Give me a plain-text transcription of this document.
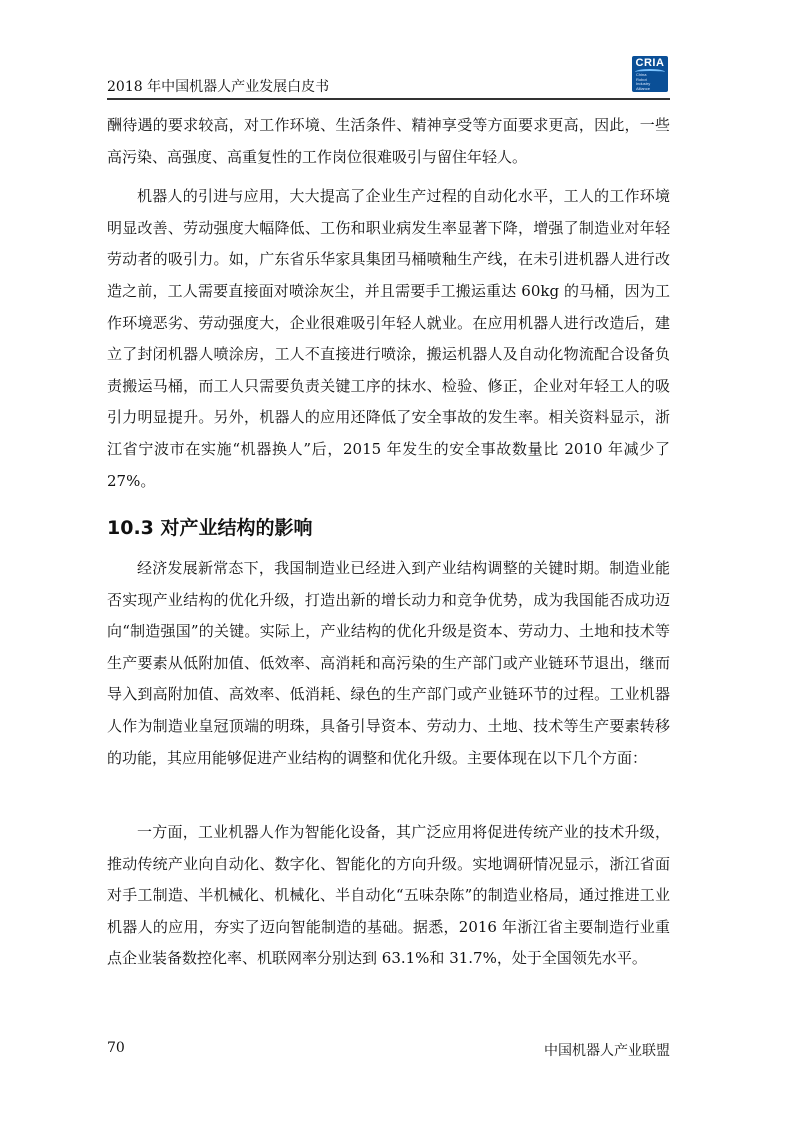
2018 年中国机器人产业发展白皮书
CRIA
China
Robot
Industry
Alliance

酬待遇的要求较高，对工作环境、生活条件、精神享受等方面要求更高，因此，一些高污染、高强度、高重复性的工作岗位很难吸引与留住年轻人。

机器人的引进与应用，大大提高了企业生产过程的自动化水平，工人的工作环境明显改善、劳动强度大幅降低、工伤和职业病发生率显著下降，增强了制造业对年轻劳动者的吸引力。如，广东省乐华家具集团马桶喷釉生产线，在未引进机器人进行改造之前，工人需要直接面对喷涂灰尘，并且需要手工搬运重达 60kg 的马桶，因为工作环境恶劣、劳动强度大，企业很难吸引年轻人就业。在应用机器人进行改造后，建立了封闭机器人喷涂房，工人不直接进行喷涂，搬运机器人及自动化物流配合设备负责搬运马桶，而工人只需要负责关键工序的抹水、检验、修正，企业对年轻工人的吸引力明显提升。另外，机器人的应用还降低了安全事故的发生率。相关资料显示，浙江省宁波市在实施“机器换人”后，2015 年发生的安全事故数量比 2010 年减少了 27%。

10.3 对产业结构的影响

经济发展新常态下，我国制造业已经进入到产业结构调整的关键时期。制造业能否实现产业结构的优化升级，打造出新的增长动力和竞争优势，成为我国能否成功迈向“制造强国”的关键。实际上，产业结构的优化升级是资本、劳动力、土地和技术等生产要素从低附加值、低效率、高消耗和高污染的生产部门或产业链环节退出，继而导入到高附加值、高效率、低消耗、绿色的生产部门或产业链环节的过程。工业机器人作为制造业皇冠顶端的明珠，具备引导资本、劳动力、土地、技术等生产要素转移的功能，其应用能够促进产业结构的调整和优化升级。主要体现在以下几个方面：

一方面，工业机器人作为智能化设备，其广泛应用将促进传统产业的技术升级，推动传统产业向自动化、数字化、智能化的方向升级。实地调研情况显示，浙江省面对手工制造、半机械化、机械化、半自动化“五味杂陈”的制造业格局，通过推进工业机器人的应用，夯实了迈向智能制造的基础。据悉，2016 年浙江省主要制造行业重点企业装备数控化率、机联网率分别达到 63.1%和 31.7%，处于全国领先水平。

70	中国机器人产业联盟
